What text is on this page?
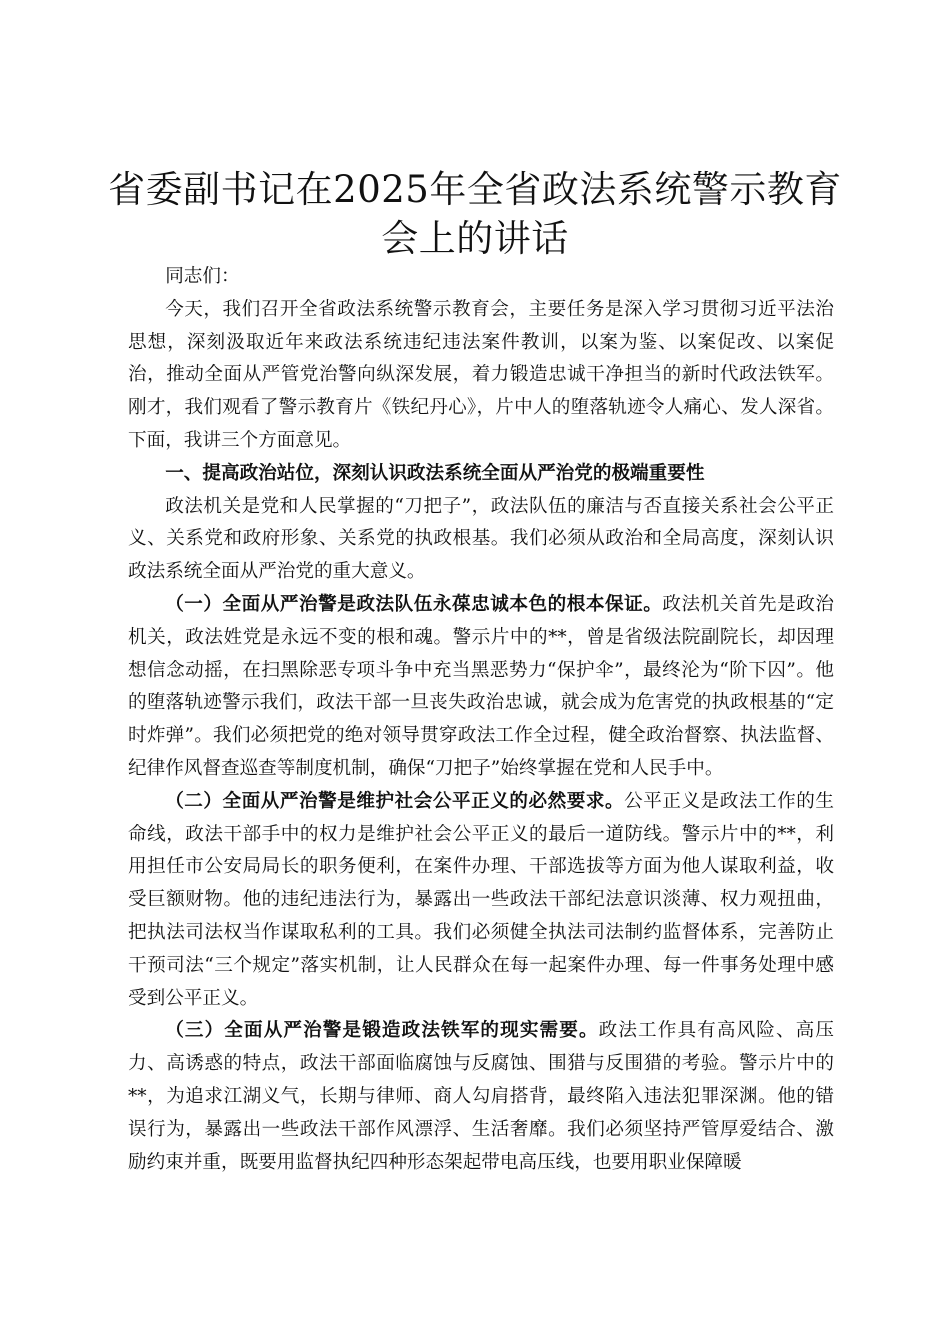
省委副书记在2025年全省政法系统警示教育会上的讲话

同志们：

今天，我们召开全省政法系统警示教育会，主要任务是深入学习贯彻习近平法治思想，深刻汲取近年来政法系统违纪违法案件教训，以案为鉴、以案促改、以案促治，推动全面从严管党治警向纵深发展，着力锻造忠诚干净担当的新时代政法铁军。刚才，我们观看了警示教育片《铁纪丹心》，片中人的堕落轨迹令人痛心、发人深省。下面，我讲三个方面意见。

一、提高政治站位，深刻认识政法系统全面从严治党的极端重要性

政法机关是党和人民掌握的“刀把子”，政法队伍的廉洁与否直接关系社会公平正义、关系党和政府形象、关系党的执政根基。我们必须从政治和全局高度，深刻认识政法系统全面从严治党的重大意义。

（一）全面从严治警是政法队伍永葆忠诚本色的根本保证。政法机关首先是政治机关，政法姓党是永远不变的根和魂。警示片中的**，曾是省级法院副院长，却因理想信念动摇，在扫黑除恶专项斗争中充当黑恶势力“保护伞”，最终沦为“阶下囚”。他的堕落轨迹警示我们，政法干部一旦丧失政治忠诚，就会成为危害党的执政根基的“定时炸弹”。我们必须把党的绝对领导贯穿政法工作全过程，健全政治督察、执法监督、纪律作风督查巡查等制度机制，确保“刀把子”始终掌握在党和人民手中。

（二）全面从严治警是维护社会公平正义的必然要求。公平正义是政法工作的生命线，政法干部手中的权力是维护社会公平正义的最后一道防线。警示片中的**，利用担任市公安局局长的职务便利，在案件办理、干部选拔等方面为他人谋取利益，收受巨额财物。他的违纪违法行为，暴露出一些政法干部纪法意识淡薄、权力观扭曲，把执法司法权当作谋取私利的工具。我们必须健全执法司法制约监督体系，完善防止干预司法“三个规定”落实机制，让人民群众在每一起案件办理、每一件事务处理中感受到公平正义。

（三）全面从严治警是锻造政法铁军的现实需要。政法工作具有高风险、高压力、高诱惑的特点，政法干部面临腐蚀与反腐蚀、围猎与反围猎的考验。警示片中的**，为追求江湖义气，长期与律师、商人勾肩搭背，最终陷入违法犯罪深渊。他的错误行为，暴露出一些政法干部作风漂浮、生活奢靡。我们必须坚持严管厚爱结合、激励约束并重，既要用监督执纪四种形态架起带电高压线，也要用职业保障暖
